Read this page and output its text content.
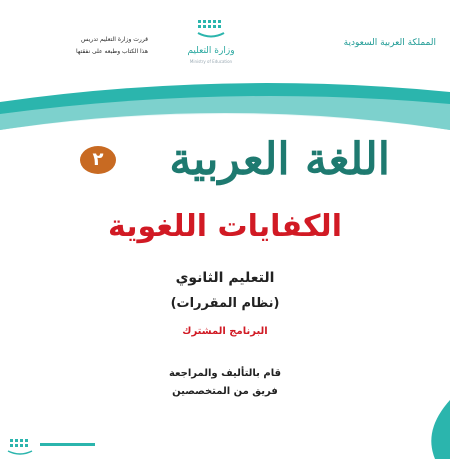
المملكة العربية السعودية
وزارة التعليم
Ministry of Education
قررت وزارة التعليم تدريس
هذا الكتاب وطبعه على نفقتها
اللغة العربية
٢
الكفايات اللغوية
التعليم الثانوي
(نظام المقررات)
البرنامج المشترك
قام بالتأليف والمراجعة
فريق من المتخصصين
